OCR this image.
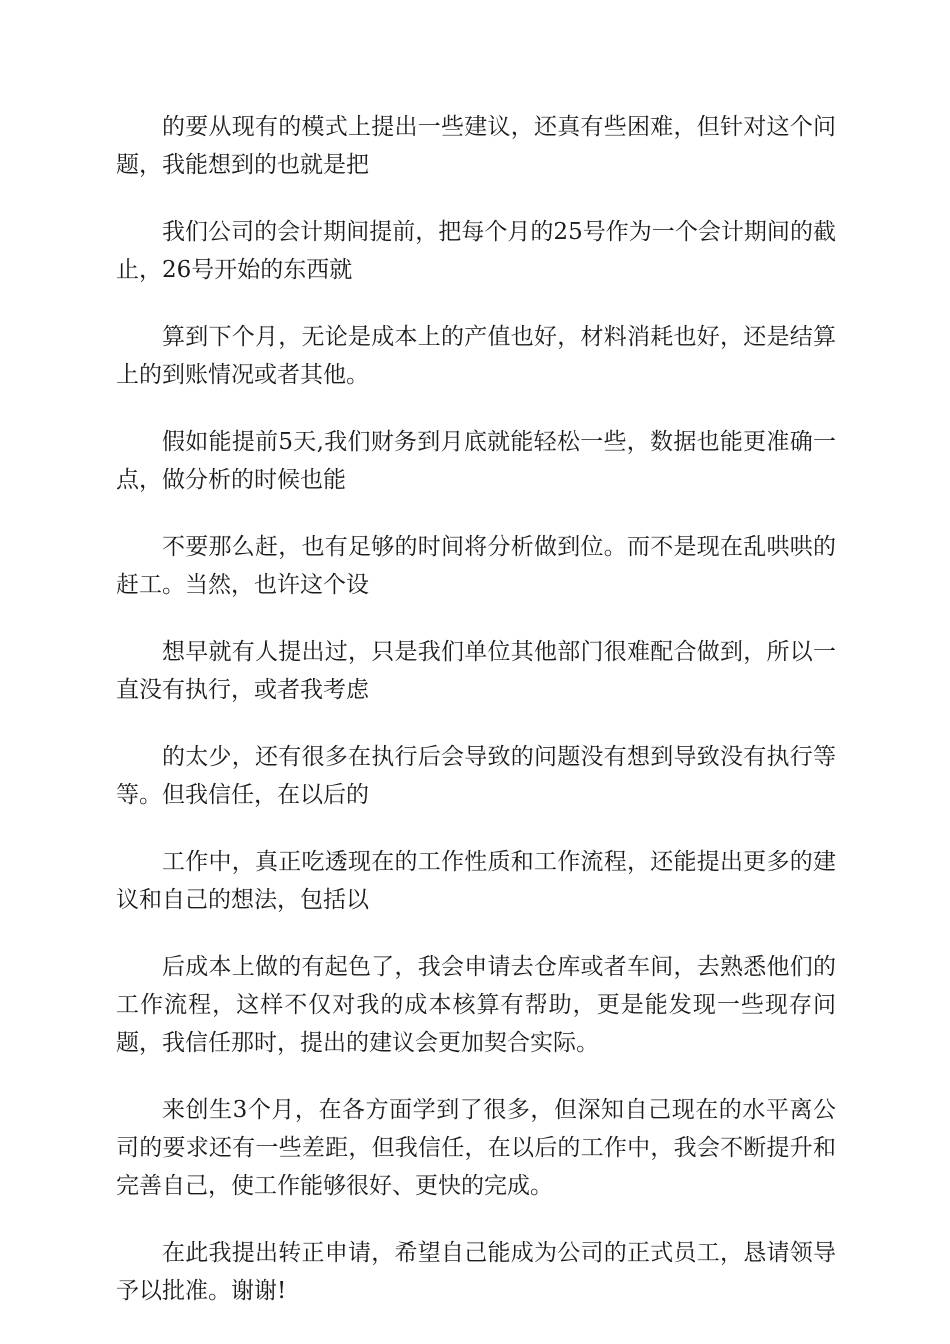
的要从现有的模式上提出一些建议，还真有些困难，但针对这个问题，我能想到的也就是把

我们公司的会计期间提前，把每个月的25号作为一个会计期间的截止，26号开始的东西就

算到下个月，无论是成本上的产值也好，材料消耗也好，还是结算上的到账情况或者其他。

假如能提前5天,我们财务到月底就能轻松一些，数据也能更准确一点，做分析的时候也能

不要那么赶，也有足够的时间将分析做到位。而不是现在乱哄哄的赶工。当然，也许这个设

想早就有人提出过，只是我们单位其他部门很难配合做到，所以一直没有执行，或者我考虑

的太少，还有很多在执行后会导致的问题没有想到导致没有执行等等。但我信任，在以后的

工作中，真正吃透现在的工作性质和工作流程，还能提出更多的建议和自己的想法，包括以

后成本上做的有起色了，我会申请去仓库或者车间，去熟悉他们的工作流程，这样不仅对我的成本核算有帮助，更是能发现一些现存问题，我信任那时，提出的建议会更加契合实际。

来创生3个月，在各方面学到了很多，但深知自己现在的水平离公司的要求还有一些差距，但我信任，在以后的工作中，我会不断提升和完善自己，使工作能够很好、更快的完成。

在此我提出转正申请，希望自己能成为公司的正式员工，恳请领导予以批准。谢谢!
